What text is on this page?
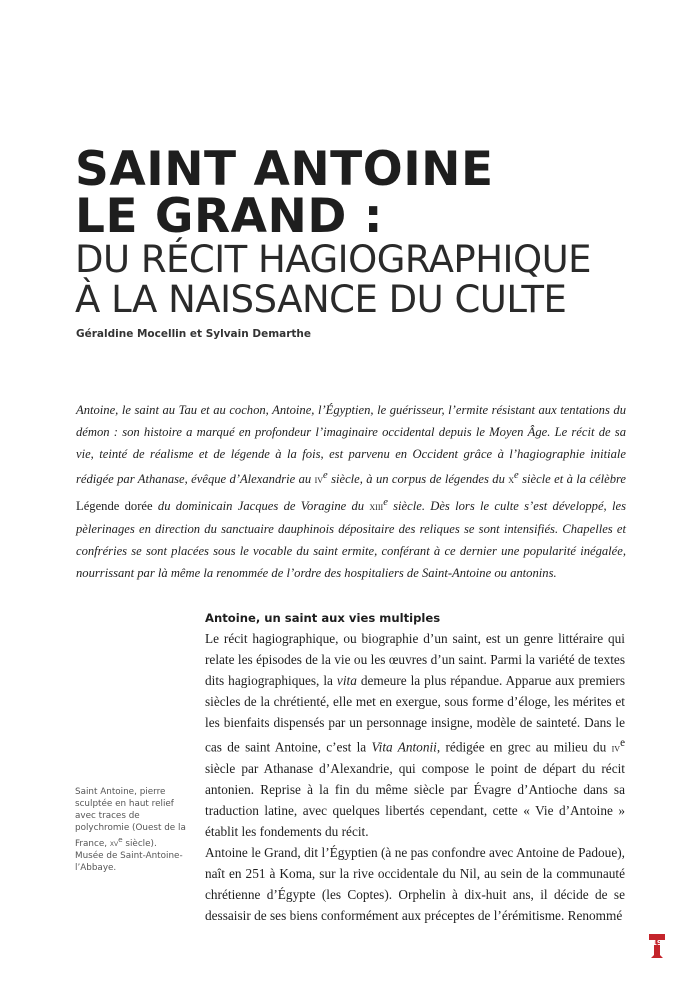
SAINT ANTOINE
LE GRAND :
DU RÉCIT HAGIOGRAPHIQUE
À LA NAISSANCE DU CULTE
Géraldine Mocellin et Sylvain Demarthe

Antoine, le saint au Tau et au cochon, Antoine, l’Égyptien, le guérisseur, l’ermite résistant aux tentations du démon : son histoire a marqué en profondeur l’imaginaire occidental depuis le Moyen Âge. Le récit de sa vie, teinté de réalisme et de légende à la fois, est parvenu en Occident grâce à l’hagiographie initiale rédigée par Athanase, évêque d’Alexandrie au $iv^e$ siècle, à un corpus de légendes du $x^e$ siècle et à la célèbre Légende dorée du dominicain Jacques de Voragine du xiii$^e$ siècle. Dès lors le culte s’est développé, les pèlerinages en direction du sanctuaire dauphinois dépositaire des reliques se sont intensifiés. Chapelles et confréries se sont placées sous le vocable du saint ermite, conférant à ce dernier une popularité inégalée, nourrissant par là même la renommée de l’ordre des hospitaliers de Saint-Antoine ou antonins.

Antoine, un saint aux vies multiples

Le récit hagiographique, ou biographie d’un saint, est un genre littéraire qui relate les épisodes de la vie ou les œuvres d’un saint. Parmi la variété de textes dits hagiographiques, la vita demeure la plus répandue. Apparue aux premiers siècles de la chrétienté, elle met en exergue, sous forme d’éloge, les mérites et les bienfaits dispensés par un personnage insigne, modèle de sainteté. Dans le cas de saint Antoine, c’est la Vita Antonii, rédigée en grec au milieu du $iv^e$ siècle par Athanase d’Alexandrie, qui compose le point de départ du récit antonien. Reprise à la fin du même siècle par Évagre d’Antioche dans sa traduction latine, avec quelques libertés cependant, cette « Vie d’Antoine » établit les fondements du récit.

Antoine le Grand, dit l’Égyptien (à ne pas confondre avec Antoine de Padoue), naît en 251 à Koma, sur la rive occidentale du Nil, au sein de la communauté chrétienne d’Égypte (les Coptes). Orphelin à dix-huit ans, il décide de se dessaisir de ses biens conformément aux préceptes de l’érémitisme. Renommé

Saint Antoine, pierre sculptée en haut relief avec traces de polychromie (Ouest de la France, $xv^e$ siècle). Musée de Saint-Antoine-l’Abbaye.
19
